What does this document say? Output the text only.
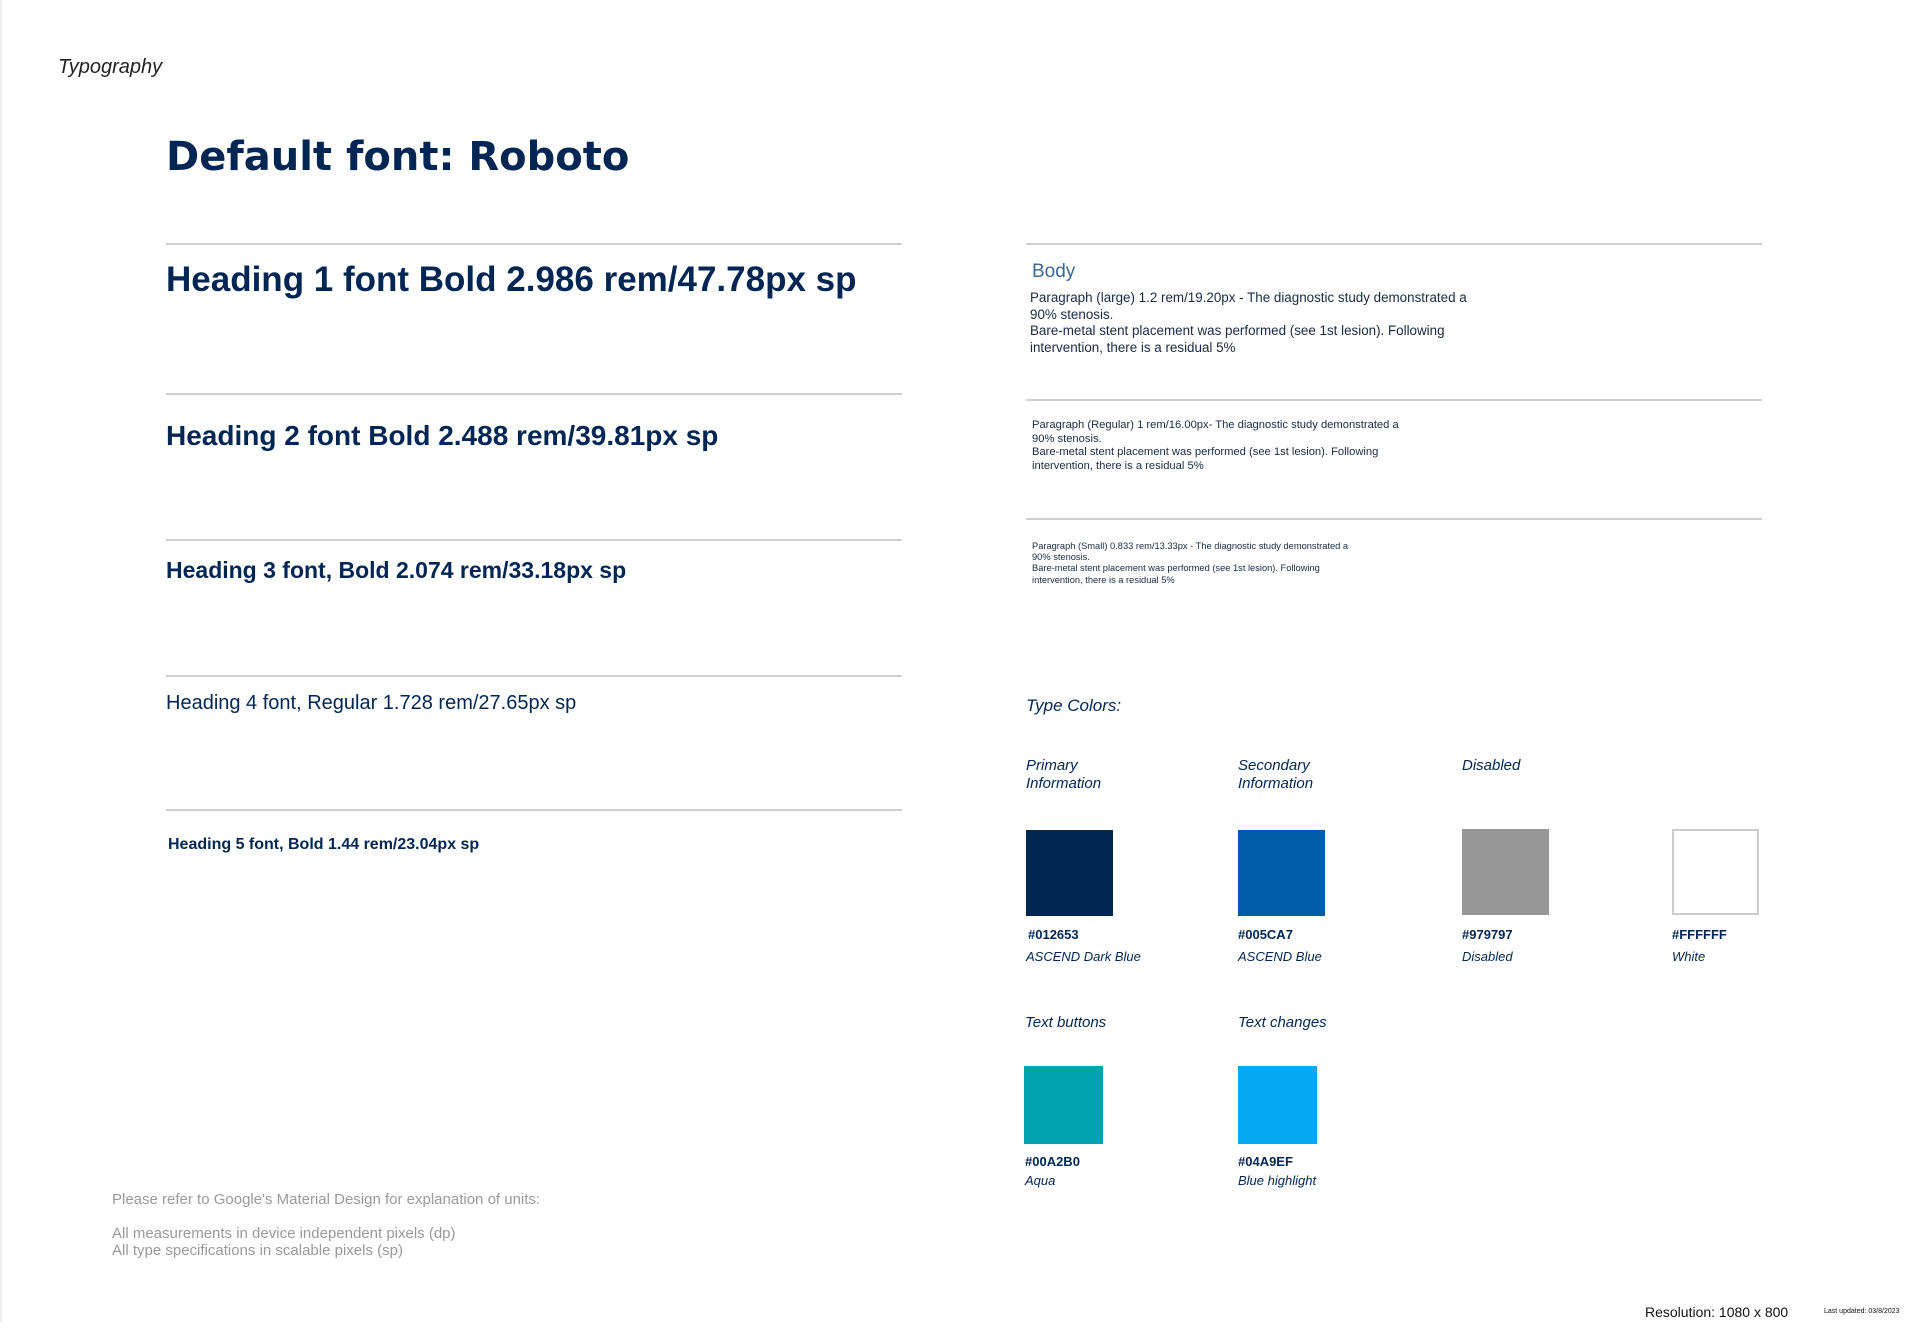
Typography
Default font: Roboto
Heading 1 font Bold 2.986 rem/47.78px sp
Heading 2 font Bold 2.488 rem/39.81px sp
Heading 3 font, Bold 2.074 rem/33.18px sp
Heading 4 font, Regular 1.728 rem/27.65px sp
Heading 5 font, Bold 1.44 rem/23.04px sp
Body
Paragraph (large) 1.2 rem/19.20px - The diagnostic study demonstrated a
90% stenosis.
Bare-metal stent placement was performed (see 1st lesion). Following
intervention, there is a residual 5%
Paragraph (Regular) 1 rem/16.00px- The diagnostic study demonstrated a
90% stenosis.
Bare-metal stent placement was performed (see 1st lesion). Following
intervention, there is a residual 5%
Paragraph (Small) 0.833 rem/13.33px - The diagnostic study demonstrated a
90% stenosis.
Bare-metal stent placement was performed (see 1st lesion). Following
intervention, there is a residual 5%
Type Colors:
Primary
Information
Secondary
Information
Disabled
#012653
ASCEND Dark Blue
#005CA7
ASCEND Blue
#979797
Disabled
#FFFFFF
White
Text buttons	Text changes
#00A2B0
Aqua
#04A9EF
Blue highlight
Please refer to Google's Material Design for explanation of units:
All measurements in device independent pixels (dp)
All type specifications in scalable pixels (sp)
Resolution: 1080 x 800	Last updated: 03/8/2023
